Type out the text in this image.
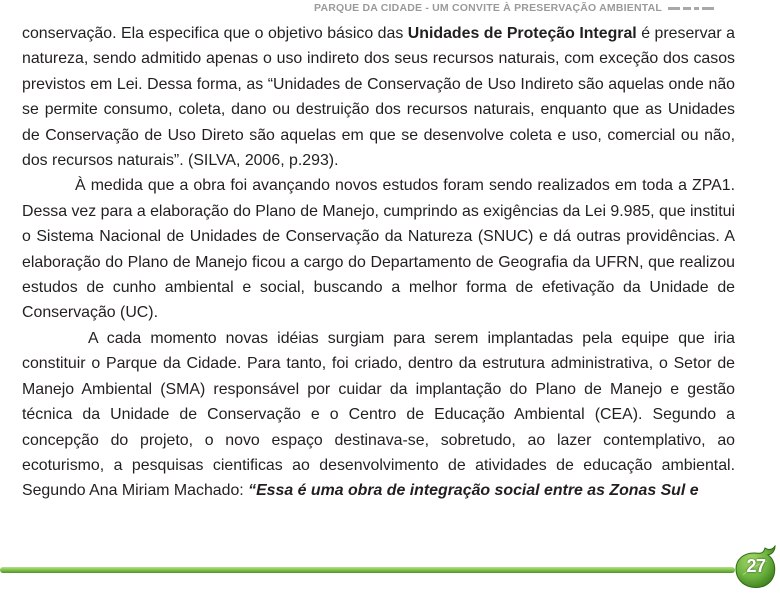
PARQUE DA CIDADE - UM CONVITE À PRESERVAÇÃO AMBIENTAL

conservação. Ela especifica que o objetivo básico das Unidades de Proteção Integral é preservar a natureza, sendo admitido apenas o uso indireto dos seus recursos naturais, com exceção dos casos previstos em Lei. Dessa forma, as “Unidades de Conservação de Uso Indireto são aquelas onde não se permite consumo, coleta, dano ou destruição dos recursos naturais, enquanto que as Unidades de Conservação de Uso Direto são aquelas em que se desenvolve coleta e uso, comercial ou não, dos recursos naturais”. (SILVA, 2006, p.293).

À medida que a obra foi avançando novos estudos foram sendo realizados em toda a ZPA1. Dessa vez para a elaboração do Plano de Manejo, cumprindo as exigências da Lei 9.985, que institui o Sistema Nacional de Unidades de Conservação da Natureza (SNUC) e dá outras providências. A elaboração do Plano de Manejo ficou a cargo do Departamento de Geografia da UFRN, que realizou estudos de cunho ambiental e social, buscando a melhor forma de efetivação da Unidade de Conservação (UC).

A cada momento novas idéias surgiam para serem implantadas pela equipe que iria constituir o Parque da Cidade. Para tanto, foi criado, dentro da estrutura administrativa, o Setor de Manejo Ambiental (SMA) responsável por cuidar da implantação do Plano de Manejo e gestão técnica da Unidade de Conservação e o Centro de Educação Ambiental (CEA). Segundo a concepção do projeto, o novo espaço destinava-se, sobretudo, ao lazer contemplativo, ao ecoturismo, a pesquisas cientificas ao desenvolvimento de atividades de educação ambiental. Segundo Ana Miriam Machado: “Essa é uma obra de integração social entre as Zonas Sul e

27
